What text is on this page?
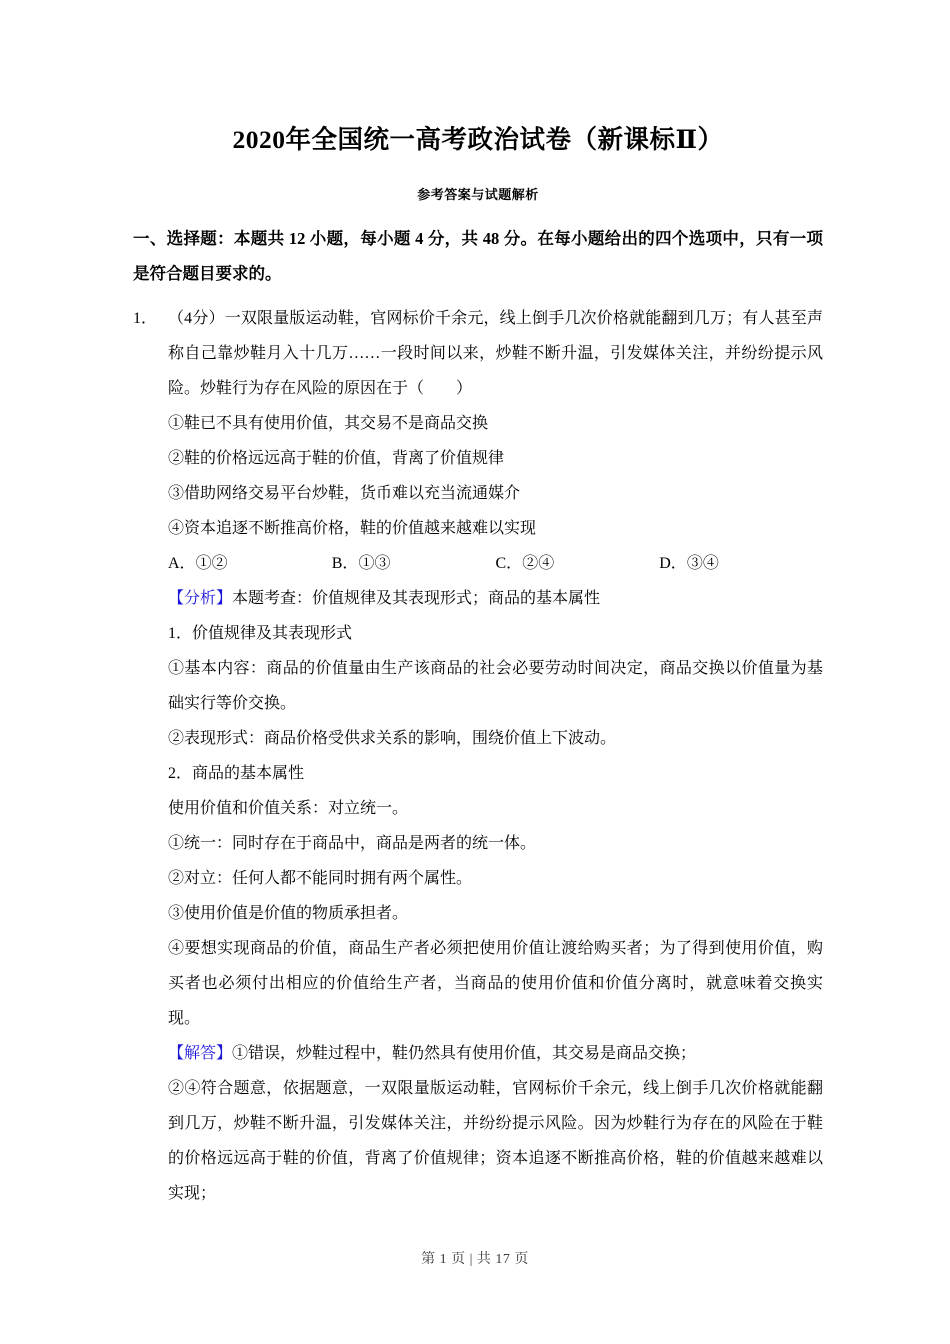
2020年全国统一高考政治试卷（新课标Ⅱ）
参考答案与试题解析
一、选择题：本题共 12 小题，每小题 4 分，共 48 分。在每小题给出的四个选项中，只有一项是符合题目要求的。
1． （4分）一双限量版运动鞋，官网标价千余元，线上倒手几次价格就能翻到几万；有人甚至声称自己靠炒鞋月入十几万……一段时间以来，炒鞋不断升温，引发媒体关注，并纷纷提示风险。炒鞋行为存在风险的原因在于（　　）

①鞋已不具有使用价值，其交易不是商品交换

②鞋的价格远远高于鞋的价值，背离了价值规律

③借助网络交易平台炒鞋，货币难以充当流通媒介

④资本追逐不断推高价格，鞋的价值越来越难以实现

A．①②	B．①③	C．②④	D．③④

【分析】本题考查：价值规律及其表现形式；商品的基本属性

1．价值规律及其表现形式

①基本内容：商品的价值量由生产该商品的社会必要劳动时间决定，商品交换以价值量为基础实行等价交换。

②表现形式：商品价格受供求关系的影响，围绕价值上下波动。

2．商品的基本属性

使用价值和价值关系：对立统一。

①统一：同时存在于商品中，商品是两者的统一体。

②对立：任何人都不能同时拥有两个属性。

③使用价值是价值的物质承担者。

④要想实现商品的价值，商品生产者必须把使用价值让渡给购买者；为了得到使用价值，购买者也必须付出相应的价值给生产者，当商品的使用价值和价值分离时，就意味着交换实现。

【解答】①错误，炒鞋过程中，鞋仍然具有使用价值，其交易是商品交换；

②④符合题意，依据题意，一双限量版运动鞋，官网标价千余元，线上倒手几次价格就能翻到几万，炒鞋不断升温，引发媒体关注，并纷纷提示风险。因为炒鞋行为存在的风险在于鞋的价格远远高于鞋的价值，背离了价值规律；资本追逐不断推高价格，鞋的价值越来越难以实现；

第 1 页 | 共 17 页
